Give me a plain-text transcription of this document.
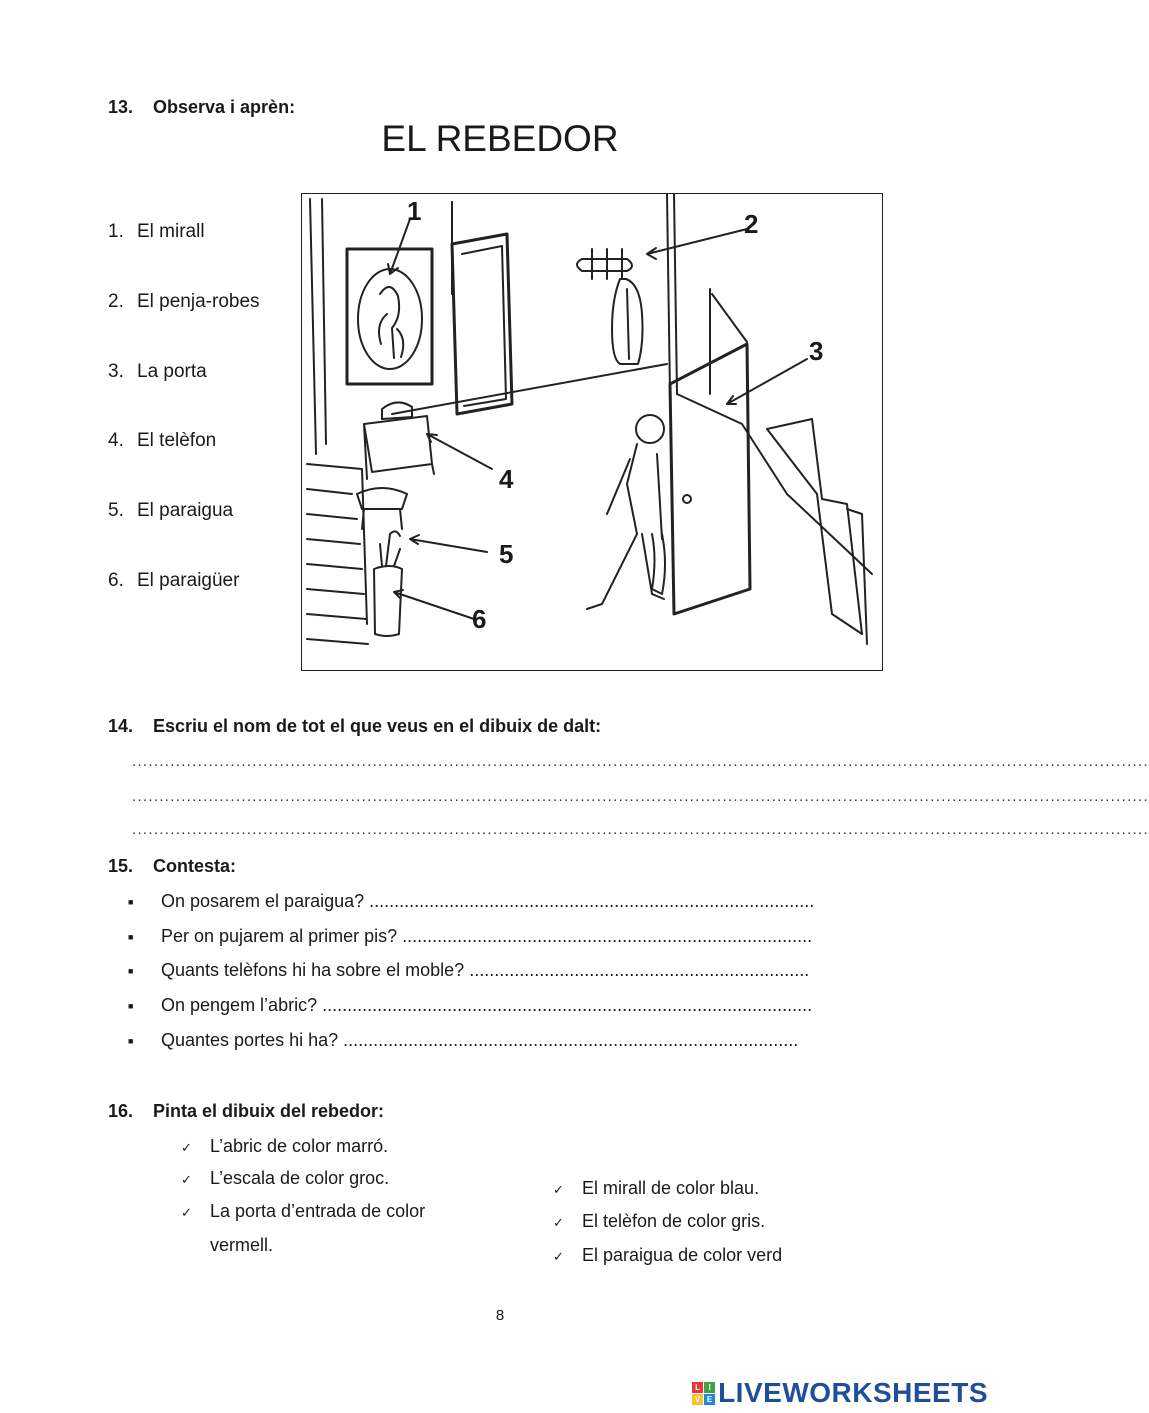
13. Observa i aprèn:
EL REBEDOR
1. El mirall
2. El penja-robes
3. La porta
4. El telèfon
5. El paraigua
6. El paraigüer
1	2
3
4
5
6
14. Escriu el nom de tot el que veus en el dibuix de dalt:
..........................................................................................................................................................................................
..........................................................................................................................................................................................
..........................................................................................................................................................................................
15. Contesta:
■ On posarem el paraigua? .........................................................................................
■ Per on pujarem al primer pis? ..................................................................................
■ Quants telèfons hi ha sobre el moble? ....................................................................
■ On pengem l’abric? ..................................................................................................
■ Quantes portes hi ha? ...........................................................................................
16. Pinta el dibuix del rebedor:
✓ L’abric de color marró.
✓ L’escala de color groc.
✓ La porta d’entrada de color
vermell.
✓ El mirall de color blau.
✓ El telèfon de color gris.
✓ El paraigua de color verd
8
L	I
V E LIVEWORKSHEETS
